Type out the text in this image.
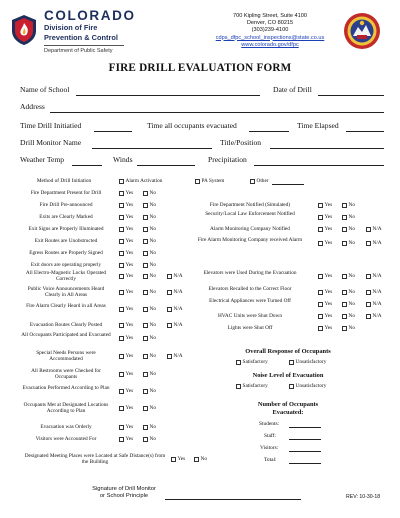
COLORADO
Division of Fire
Prevention & Control
Department of Public Safety
700 Kipling Street, Suite 4100
Denver, CO 80215
(303)239-4100
cdps_dfpc_school_inspections@state.co.us
www.colorado.gov/dfpc
FIRE DRILL EVALUATION FORM
Name of School	Date of Drill
Address
Time Drill Initiatied	Time all occupants evacuated	Time Elapsed
Drill Monitor Name	Title/Position
Weather Temp	Winds	Precipitation
Method of Drill Initiation	Alarm Activation	PA System	Other
Fire Department Present for Drill	Yes	No
Fire Drill Pre-announced	Yes	No
Exits are Clearly Marked	Yes	No
Exit Signs are Properly Illuminated	Yes	No
Exit Routes are Unobstructed	Yes	No
Egress Routes are Properly Signed	Yes	No
Exit doors are operating properly	Yes	No
All Electro-Magnetic Locks Operated Correctly	Yes	No	N/A
Public Voice Announcements Heard Clearly in All Areas	Yes	No	N/A
Fire Alarm Clearly Heard in all Areas	Yes	No	N/A
Evacuation Routes Clearly Posted	Yes	No	N/A
All Occupants Participated and Evacuated	Yes	No
Special Needs Persons were Accommodated	Yes	No	N/A
All Restrooms were Checked for Occupants	Yes	No
Evacuation Performed According to Plan	Yes	No
Occupants Met at Designated Locations According to Plan	Yes	No
Evacuation was Orderly	Yes	No
Visitors were Accounted For	Yes	No
Fire Department Notified (Simulated)	Yes	No
Security/Local Law Enforcement Notified	Yes	No
Alarm Monitoring Company Notified	Yes	No	N/A
Fire Alarm Monitoring Company received Alarm	Yes	No	N/A
Elevators were Used During the Evacuation	Yes	No	N/A
Elevators Recalled to the Correct Floor	Yes	No	N/A
Electrical Appliances were Turned Off	Yes	No	N/A
HVAC Units were Shut Down	Yes	No	N/A
Lights were Shut Off	Yes	No
Overall Response of Occupants
Satisfactory	Unsatisfactory
Noise Level of Evacuation
Satisfactory	Unsatisfactory
Number of Occupants
Evacuated:
Students:
Staff:
Visitors:
Total:
Designated Meeting Places were Located at Safe Distance(s) from the Building	Yes	No
Signature of Drill Monitor
or School Principle	REV: 10-30-18
